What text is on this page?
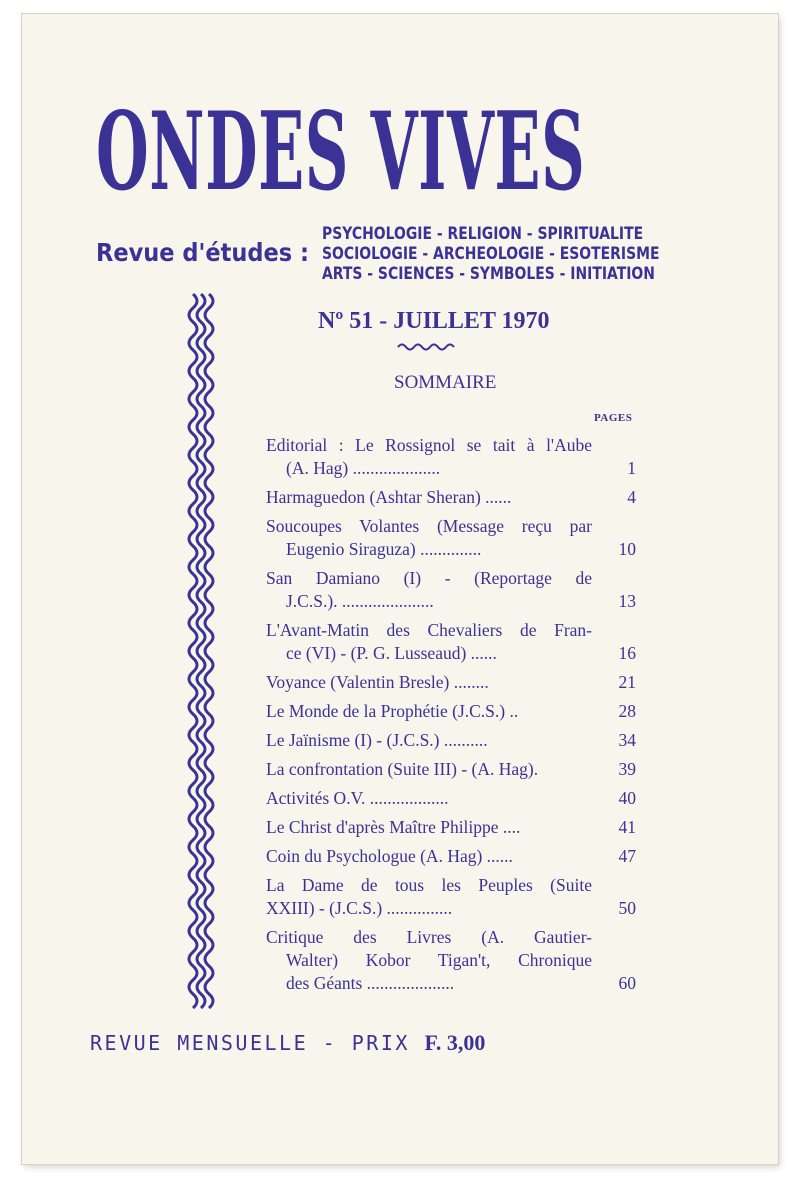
ONDES VIVES
Revue d'études :
PSYCHOLOGIE - RELIGION - SPIRITUALITE
SOCIOLOGIE - ARCHEOLOGIE - ESOTERISME
ARTS - SCIENCES - SYMBOLES - INITIATION
Nº 51 - JUILLET 1970
SOMMAIRE
PAGES
Editorial : Le Rossignol se tait à l'Aube
(A. Hag) ....................	1
Harmaguedon (Ashtar Sheran) ......	4
Soucoupes Volantes (Message reçu par
Eugenio Siraguza) ..............	10
San Damiano (I) - (Reportage de
J.C.S.). .....................	13
L'Avant-Matin des Chevaliers de Fran-
ce (VI) - (P. G. Lusseaud) ......	16
Voyance (Valentin Bresle) ........	21
Le Monde de la Prophétie (J.C.S.) ..	28
Le Jaïnisme (I) - (J.C.S.) ..........	34
La confrontation (Suite III) - (A. Hag).	39
Activités O.V. ..................	40
Le Christ d'après Maître Philippe ....	41
Coin du Psychologue (A. Hag) ......	47
La Dame de tous les Peuples (Suite
XXIII) - (J.C.S.) ...............	50
Critique des Livres (A. Gautier-
Walter) Kobor Tigan't, Chronique
des Géants ....................	60
REVUE MENSUELLE - PRIX F. 3,00
